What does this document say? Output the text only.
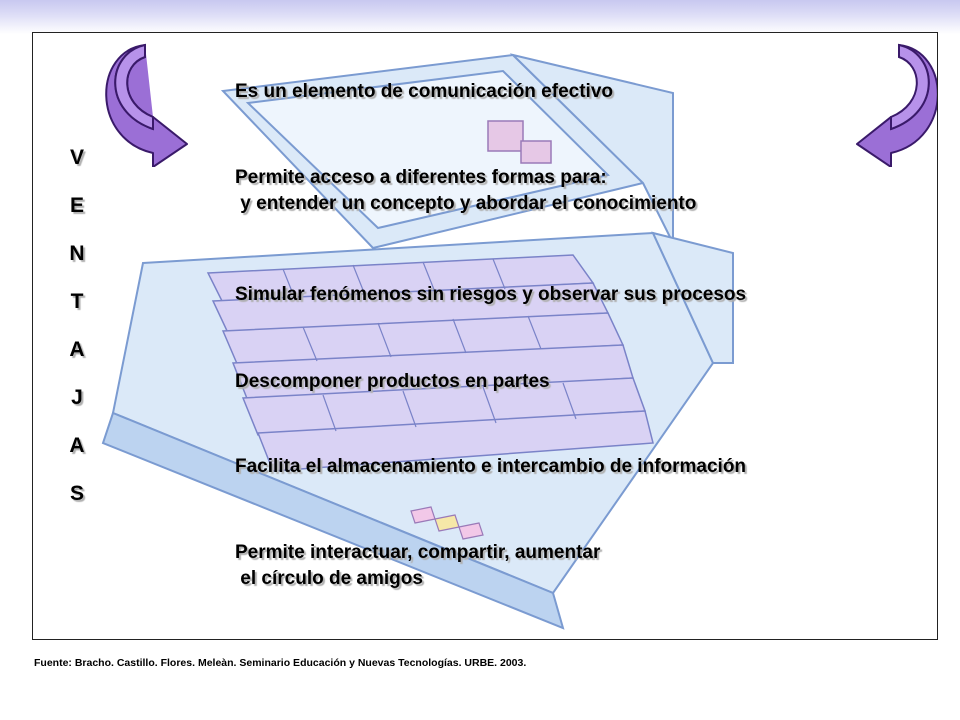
V
E
N
T
A
J
A
S
Es un elemento de comunicación efectivo
Permite acceso a diferentes formas para:
y entender un concepto y abordar el conocimiento
Simular fenómenos sin riesgos y observar sus procesos
Descomponer productos en partes
Facilita el almacenamiento e intercambio de información
Permite interactuar, compartir, aumentar
el círculo de amigos
Fuente: Bracho. Castillo. Flores. Meleàn. Seminario Educación y Nuevas Tecnologías. URBE. 2003.
